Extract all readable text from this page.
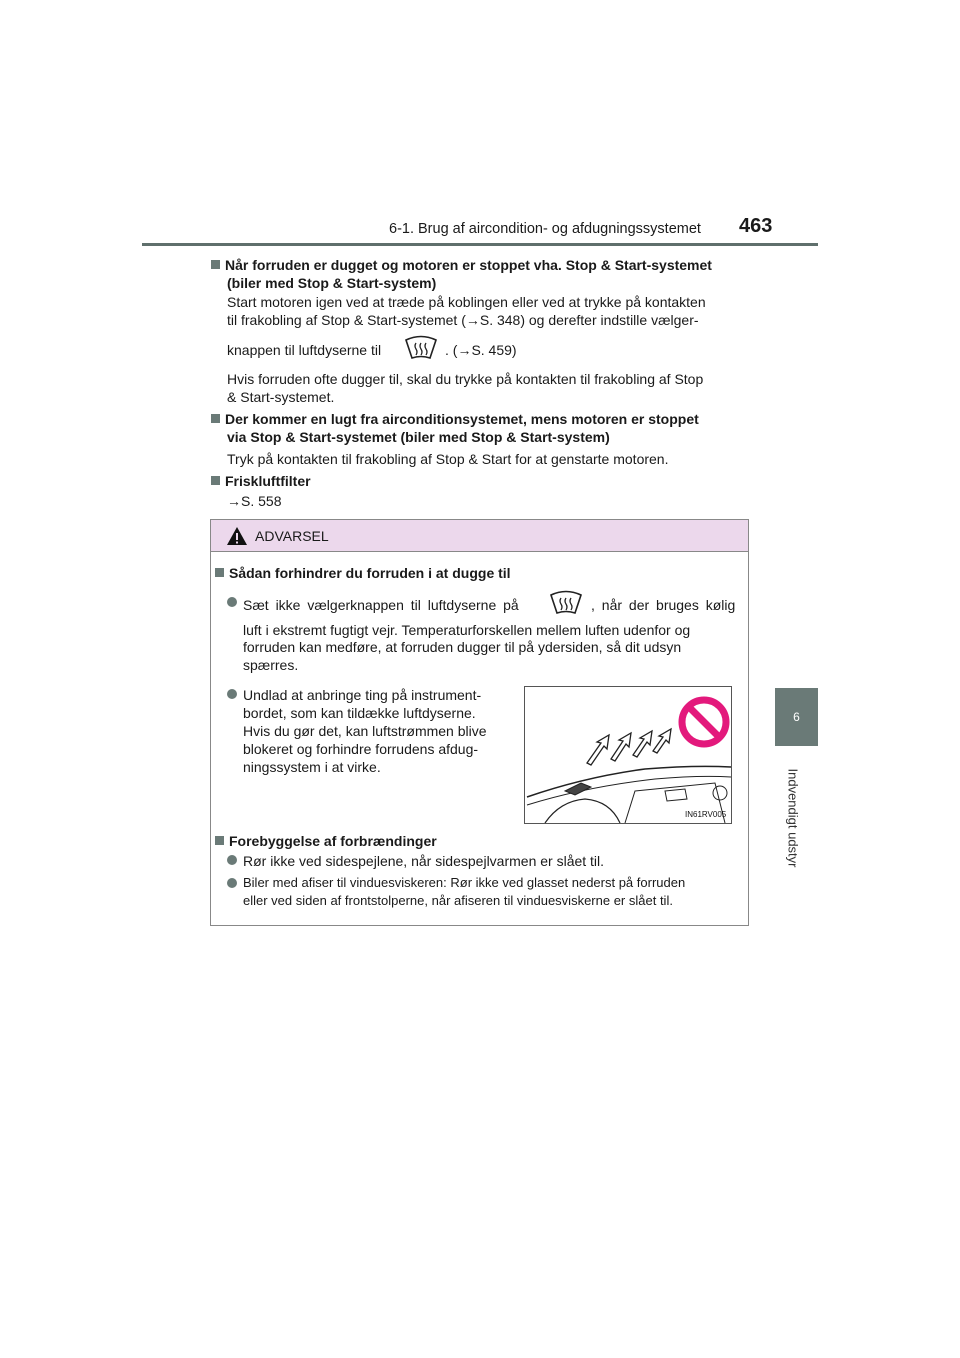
6-1. Brug af aircondition- og afdugningssystemet 463
6
Indvendigt udstyr
Når forruden er dugget og motoren er stoppet vha. Stop & Start-systemet
(biler med Stop & Start-system)
Start motoren igen ved at træde på koblingen eller ved at trykke på kontakten
til frakobling af Stop & Start-systemet (→S. 348) og derefter indstille vælger-
knappen til luftdyserne til	. (→S. 459)
Hvis forruden ofte dugger til, skal du trykke på kontakten til frakobling af Stop
& Start-systemet.
Der kommer en lugt fra airconditionsystemet, mens motoren er stoppet
via Stop & Start-systemet (biler med Stop & Start-system)
Tryk på kontakten til frakobling af Stop & Start for at genstarte motoren.
Friskluftfilter
→S. 558
ADVARSEL
Sådan forhindrer du forruden i at dugge til
Sæt ikke vælgerknappen til luftdyserne på	, når der bruges kølig
luft i ekstremt fugtigt vejr. Temperaturforskellen mellem luften udenfor og
forruden kan medføre, at forruden dugger til på ydersiden, så dit udsyn
spærres.
Undlad at anbringe ting på instrument-
bordet, som kan tildække luftdyserne.
Hvis du gør det, kan luftstrømmen blive
blokeret og forhindre forrudens afdug-
ningssystem i at virke.
IN61RV005
Forebyggelse af forbrændinger
Rør ikke ved sidespejlene, når sidespejlvarmen er slået til.
Biler med afiser til vinduesviskeren: Rør ikke ved glasset nederst på forruden
eller ved siden af frontstolperne, når afiseren til vinduesviskerne er slået til.
